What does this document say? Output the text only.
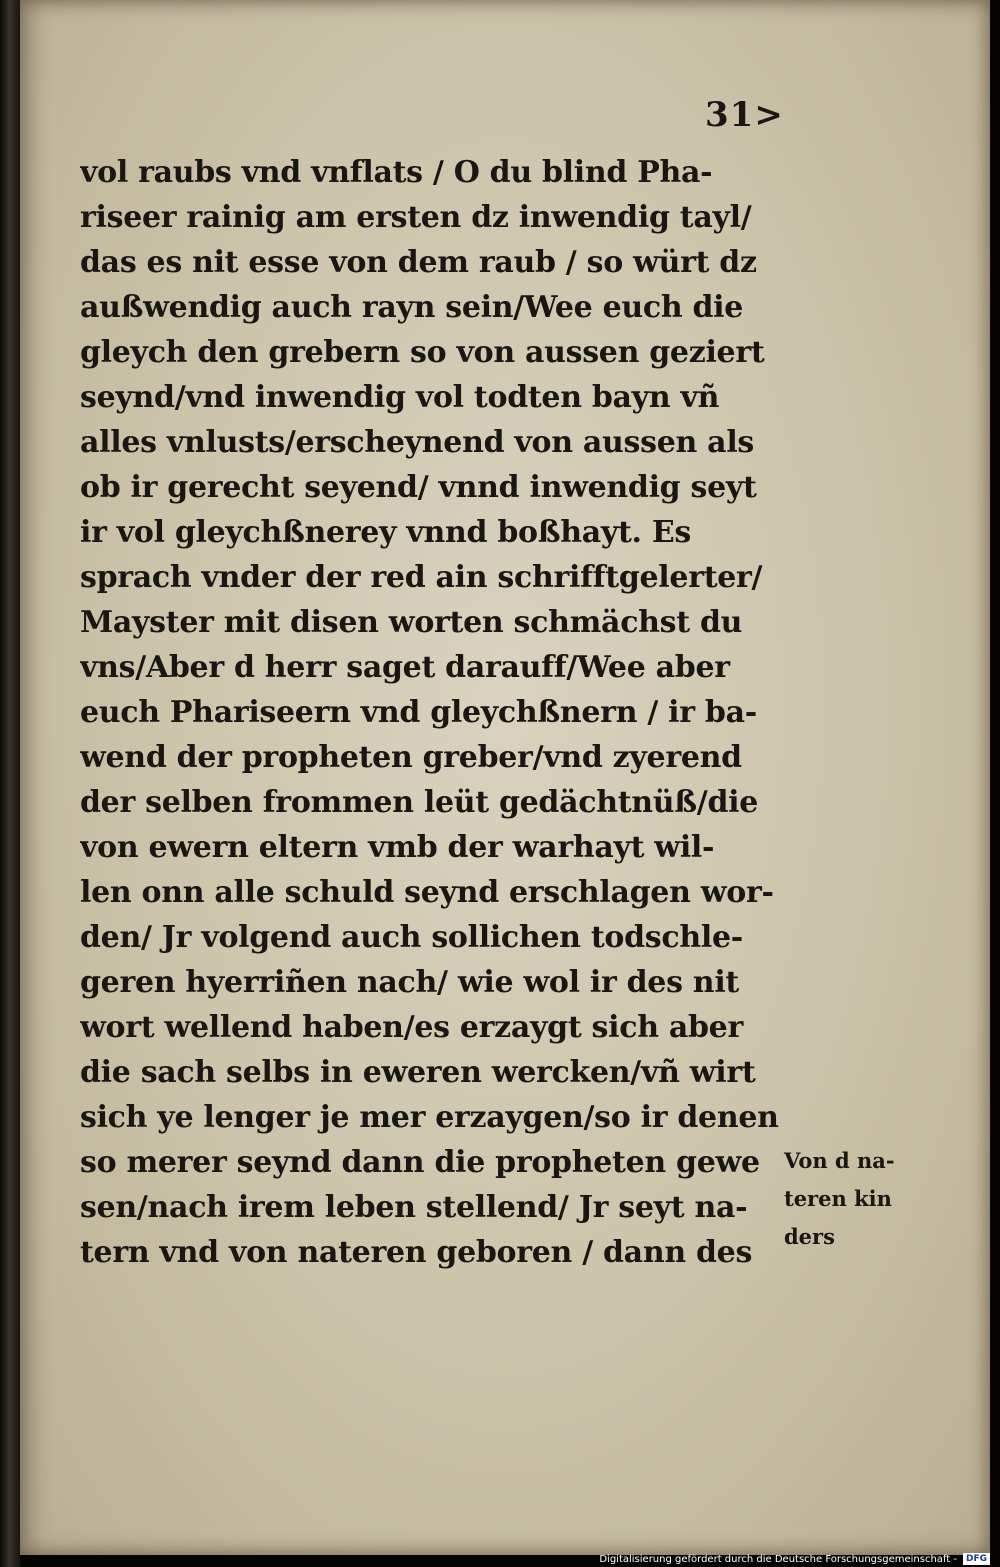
31>
vol raubs vnd vnflats / O du blind Pha‑
riseer rainig am ersten dz inwendig tayl/
das es nit esse von dem raub / so würt dz
außwendig auch rayn sein/Wee euch die
gleych den grebern so von aussen geziert
seynd/vnd inwendig vol todten bayn vñ
alles vnlusts/erscheynend von aussen als
ob ir gerecht seyend/ vnnd inwendig seyt
ir vol gleychßnerey vnnd boßhayt. Es
sprach vnder der red ain schrifftgelerter/
Mayster mit disen worten schmächst du
vns/Aber d herr saget darauff/Wee aber
euch Phariseern vnd gleychßnern / ir ba‑
wend der propheten greber/vnd zyerend
der selben frommen leüt gedächtnüß/die
von ewern eltern vmb der warhayt wil‑
len onn alle schuld seynd erschlagen wor‑
den/ Jr volgend auch sollichen todschle‑
geren hyerriñen nach/ wie wol ir des nit
wort wellend haben/es erzaygt sich aber
die sach selbs in eweren wercken/vñ wirt
sich ye lenger je mer erzaygen/so ir denen
so merer seynd dann die propheten gewe
sen/nach irem leben stellend/ Jr seyt na‑
tern vnd von nateren geboren / dann des
Von d na‑
teren kin
ders
Digitalisierung gefördert durch die Deutsche Forschungsgemeinschaft -	DFG
